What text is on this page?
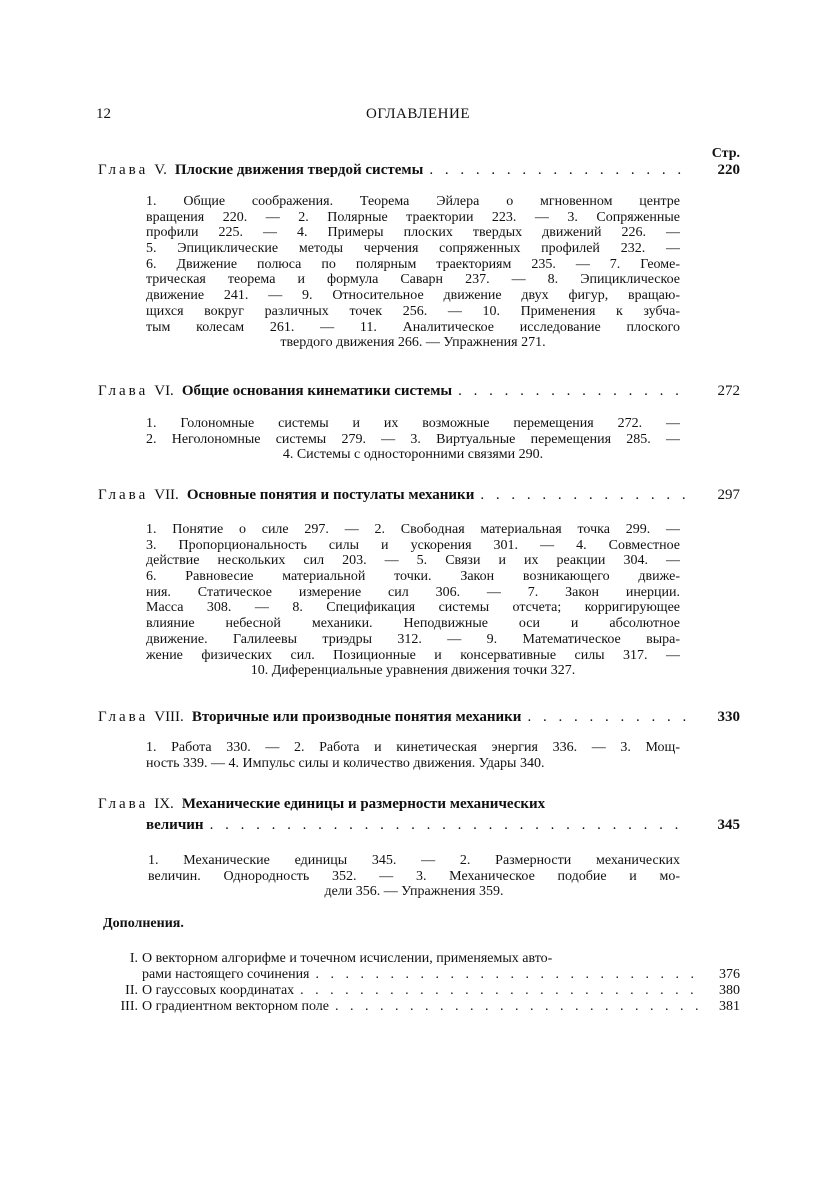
12	ОГЛАВЛЕНИЕ
Стр.
Глава V. Плоские движения твердой системы . . .	220
1. Общие соображения. Теорема Эйлера о мгновенном центре
вращения 220. — 2. Полярные траектории 223. — 3. Сопряженные
профили 225. — 4. Примеры плоских твердых движений 226. —
5. Эпициклические методы черчения сопряженных профилей 232. —
6. Движение полюса по полярным траекториям 235. — 7. Геоме-
трическая теорема и формула Саварн 237. — 8. Эпициклическое
движение 241. — 9. Относительное движение двух фигур, вращаю-
щихся вокруг различных точек 256. — 10. Применения к зубча-
тым колесам 261. — 11. Аналитическое исследование плоского
твердого движения 266. — Упражнения 271.
Глава VI. Общие основания кинематики системы . . .	272
1. Голономные системы и их возможные перемещения 272. —
2. Неголономные системы 279. — 3. Виртуальные перемещения 285. —
4. Системы с односторонними связями 290.
Глава VII. Основные понятия и постулаты механики . . .	297
1. Понятие о силе 297. — 2. Свободная материальная точка 299. —
3. Пропорциональность силы и ускорения 301. — 4. Совместное
действие нескольких сил 203. — 5. Связи и их реакции 304. —
6. Равновесие материальной точки. Закон возникающего движе-
ния. Статическое измерение сил 306. — 7. Закон инерции.
Масса 308. — 8. Спецификация системы отсчета; корригирующее
влияние небесной механики. Неподвижные оси и абсолютное
движение. Галилеевы триэдры 312. — 9. Математическое выра-
жение физических сил. Позиционные и консервативные силы 317. —
10. Диференциальные уравнения движения точки 327.
Глава VIII. Вторичные или производные понятия механики . . .	330
1. Работа 330. — 2. Работа и кинетическая энергия 336. — 3. Мощ-
ность 339. — 4. Импульс силы и количество движения. Удары 340.
Глава IX. Механические единицы и размерности механических
величин . . .	345
1. Механические единицы 345. — 2. Размерности механических
величин. Однородность 352. — 3. Механическое подобие и мо-
дели 356. — Упражнения 359.
Дополнения.
I. О векторном алгорифме и точечном исчислении, применяемых авто-
рами настоящего сочинения . . .	376
II. О гауссовых координатах . . .	380
III. О градиентном векторном поле . . .	381
